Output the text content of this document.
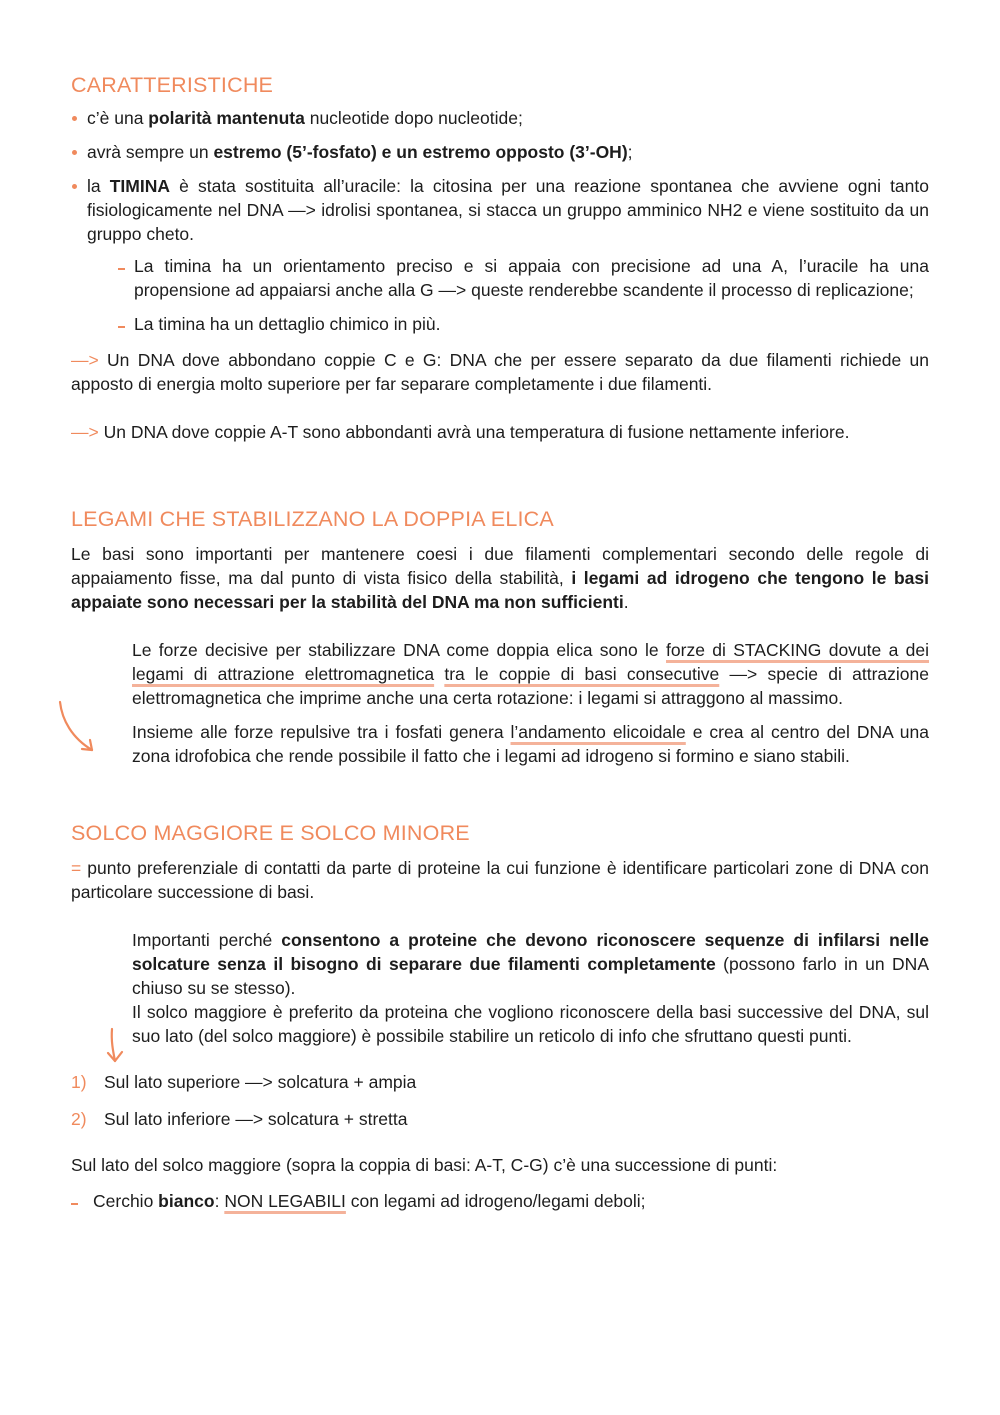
CARATTERISTICHE
c’è una polarità mantenuta nucleotide dopo nucleotide;
avrà sempre un estremo (5’-fosfato) e un estremo opposto (3’-OH);
la TIMINA è stata sostituita all’uracile: la citosina per una reazione spontanea che avviene ogni tanto fisiologicamente nel DNA —> idrolisi spontanea, si stacca un gruppo amminico NH2 e viene sostituito da un gruppo cheto.
La timina ha un orientamento preciso e si appaia con precisione ad una A, l’uracile ha una propensione ad appaiarsi anche alla G —> queste renderebbe scandente il processo di replicazione;
La timina ha un dettaglio chimico in più.

—> Un DNA dove abbondano coppie C e G: DNA che per essere separato da due filamenti richiede un apposto di energia molto superiore per far separare completamente i due filamenti.

—> Un DNA dove coppie A-T sono abbondanti avrà una temperatura di fusione nettamente inferiore.

LEGAMI CHE STABILIZZANO LA DOPPIA ELICA

Le basi sono importanti per mantenere coesi i due filamenti complementari secondo delle regole di appaiamento fisse, ma dal punto di vista fisico della stabilità, i legami ad idrogeno che tengono le basi appaiate sono necessari per la stabilità del DNA ma non sufficienti.

Le forze decisive per stabilizzare DNA come doppia elica sono le forze di STACKING dovute a dei legami di attrazione elettromagnetica tra le coppie di basi consecutive —> specie di attrazione elettromagnetica che imprime anche una certa rotazione: i legami si attraggono al massimo.

Insieme alle forze repulsive tra i fosfati genera l’andamento elicoidale e crea al centro del DNA una zona idrofobica che rende possibile il fatto che i legami ad idrogeno si formino e siano stabili.

SOLCO MAGGIORE E SOLCO MINORE

= punto preferenziale di contatti da parte di proteine la cui funzione è identificare particolari zone di DNA con particolare successione di basi.

Importanti perché consentono a proteine che devono riconoscere sequenze di infilarsi nelle solcature senza il bisogno di separare due filamenti completamente (possono farlo in un DNA chiuso su se stesso).

Il solco maggiore è preferito da proteina che vogliono riconoscere della basi successive del DNA, sul suo lato (del solco maggiore) è possibile stabilire un reticolo di info che sfruttano questi punti.

1) Sul lato superiore —> solcatura + ampia
2) Sul lato inferiore —> solcatura + stretta

Sul lato del solco maggiore (sopra la coppia di basi: A-T, C-G) c’è una successione di punti:

Cerchio bianco: NON LEGABILI con legami ad idrogeno/legami deboli;
